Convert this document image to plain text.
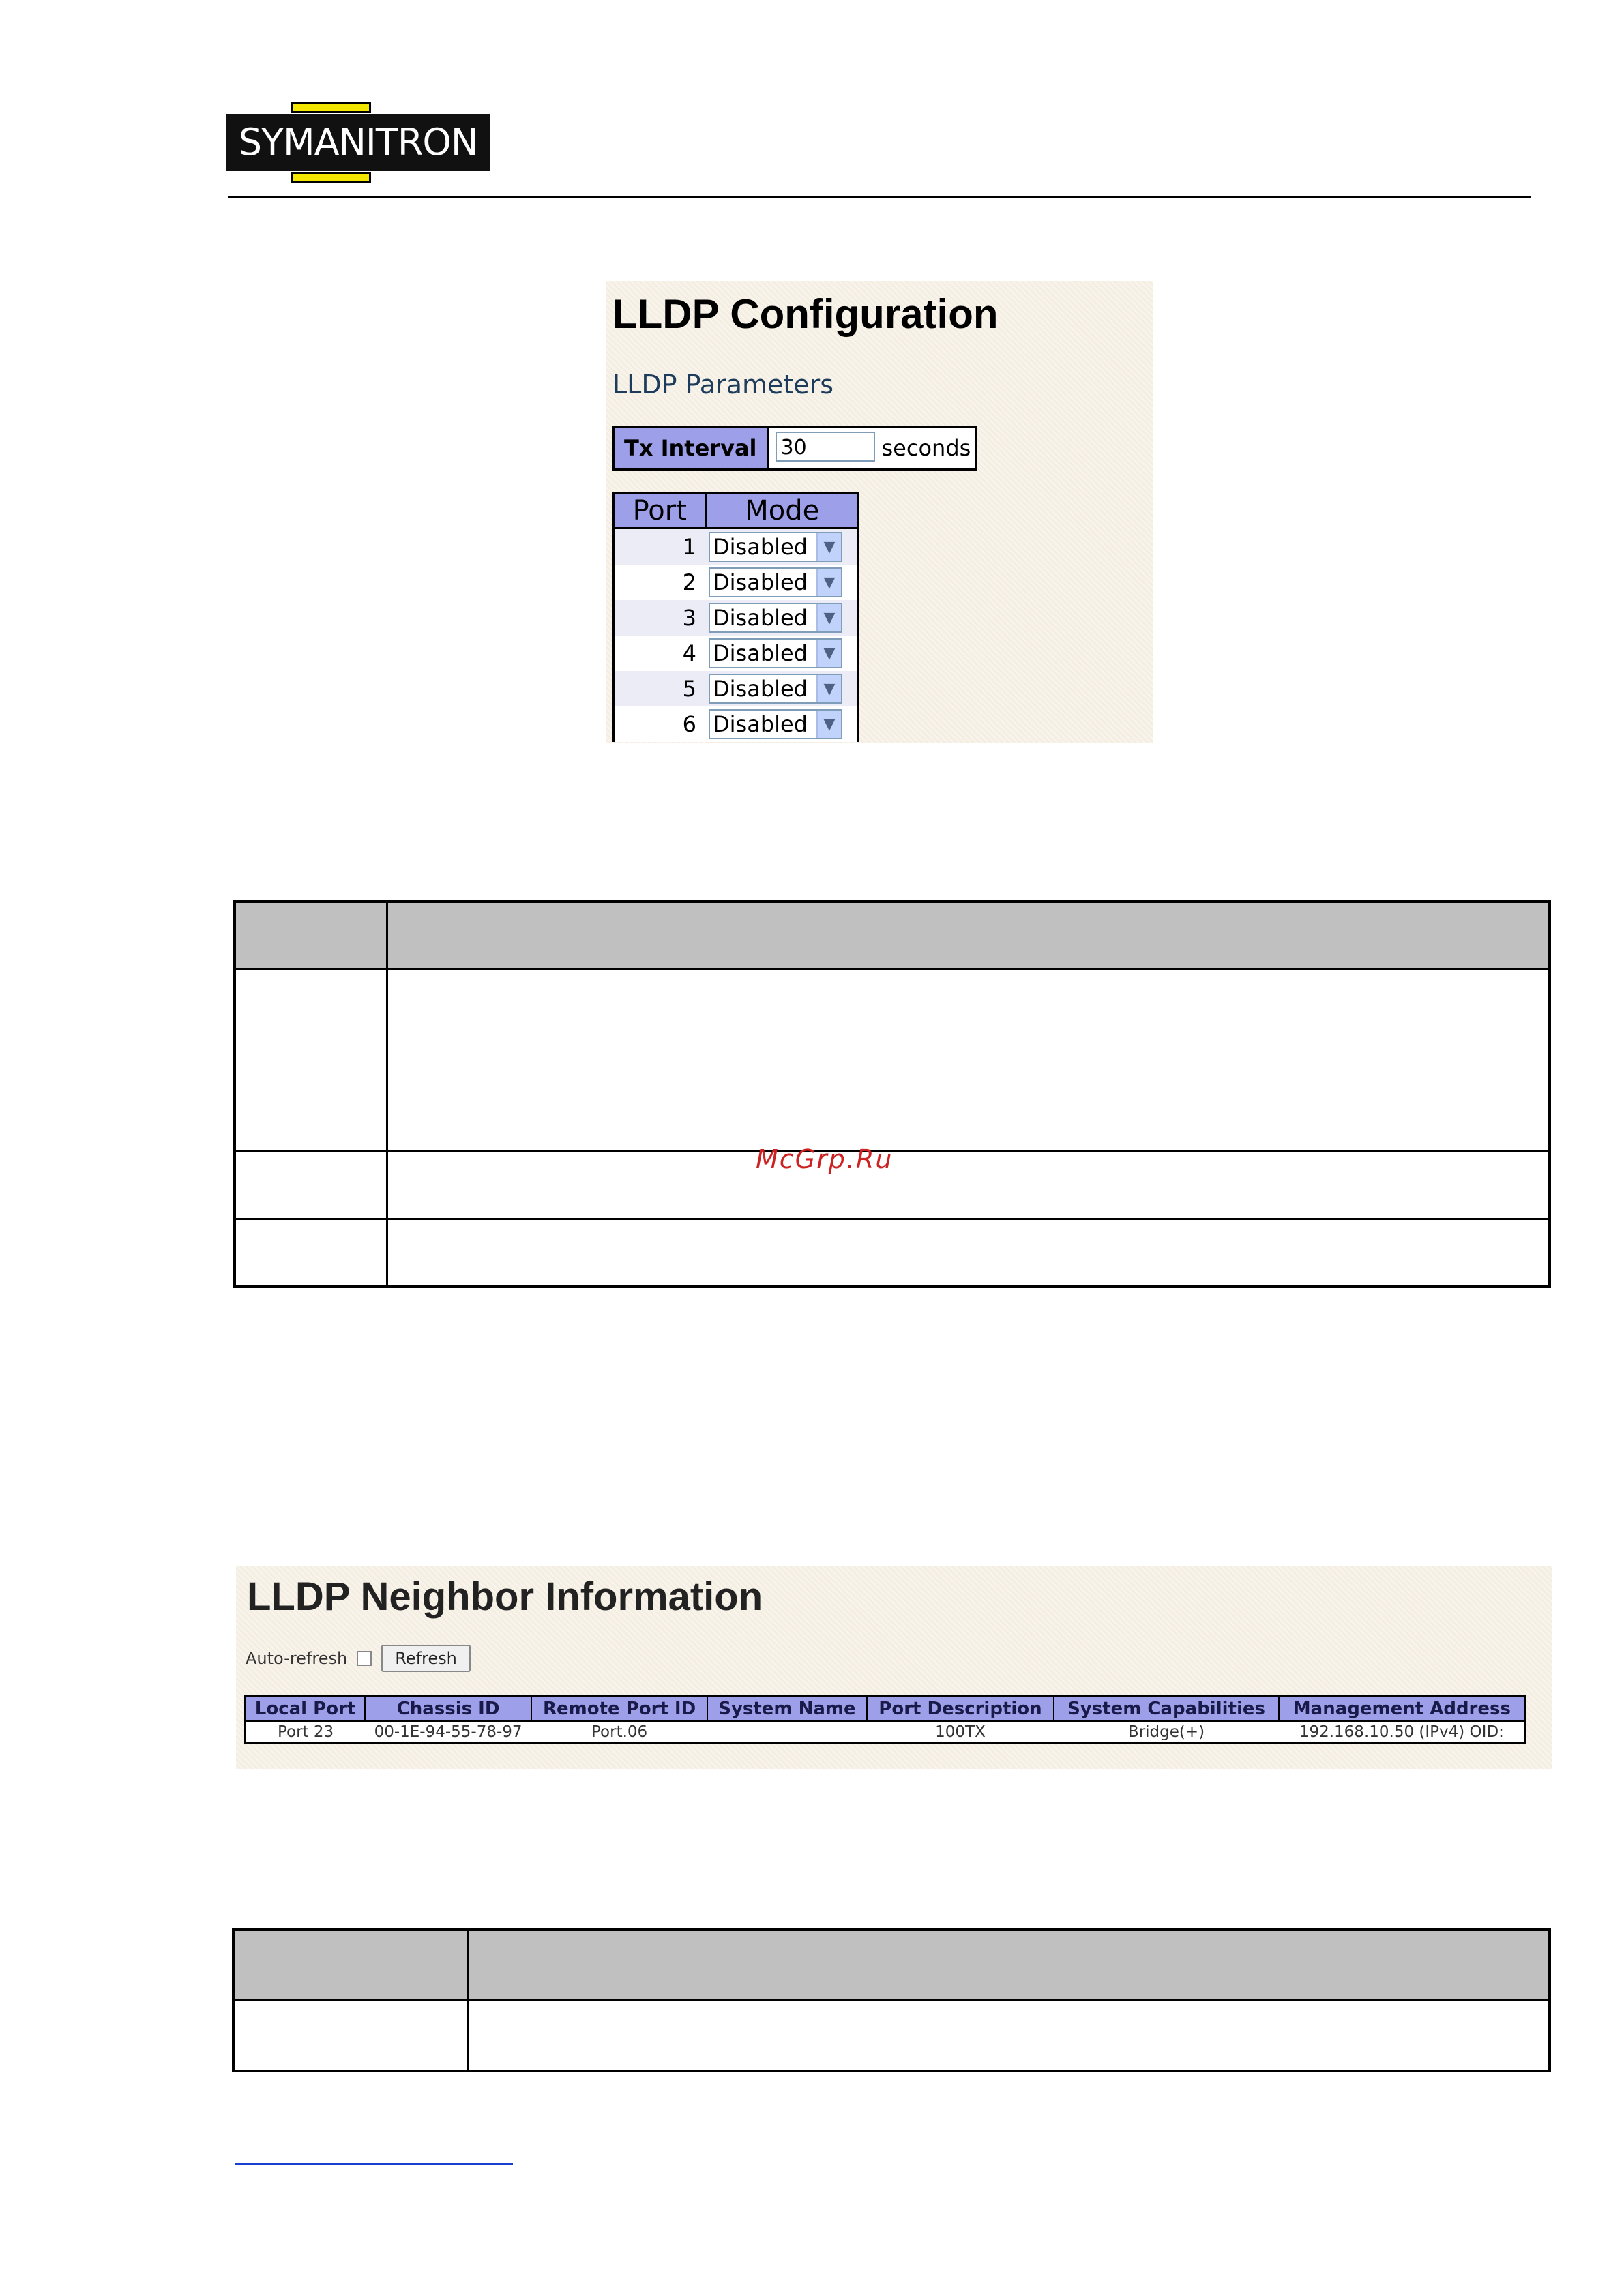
SYMANITRON
LLDP Configuration
LLDP Parameters
Tx Interval	30	seconds
Port	Mode
1	Disabled ▼

2	Disabled ▼

3	Disabled ▼

4	Disabled ▼

5	Disabled ▼

6	Disabled ▼

McGrp.Ru
LLDP Neighbor Information
Auto-refresh	Refresh
Local Port	Chassis ID	Remote Port ID	System Name	Port Description	System Capabilities	Management Address
Port 23	00-1E-94-55-78-97	Port.06		100TX	Bridge(+)	192.168.10.50 (IPv4) OID:
